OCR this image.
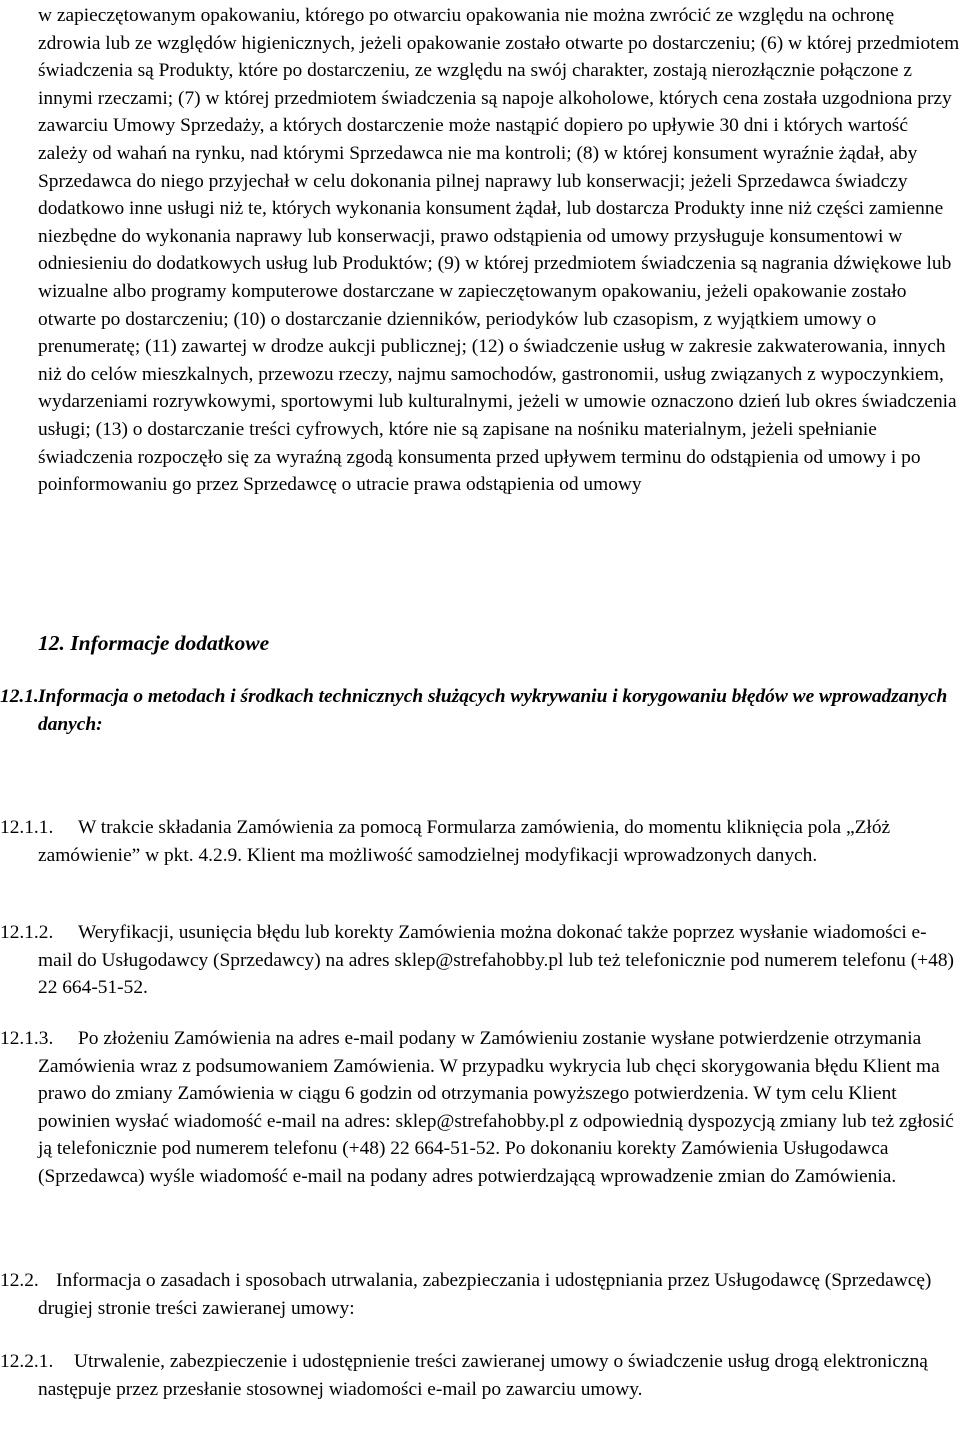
w zapieczętowanym opakowaniu, którego po otwarciu opakowania nie można zwrócić ze względu na ochronę zdrowia lub ze względów higienicznych, jeżeli opakowanie zostało otwarte po dostarczeniu; (6) w której przedmiotem świadczenia są Produkty, które po dostarczeniu, ze względu na swój charakter, zostają nierozłącznie połączone z innymi rzeczami; (7) w której przedmiotem świadczenia są napoje alkoholowe, których cena została uzgodniona przy zawarciu Umowy Sprzedaży, a których dostarczenie może nastąpić dopiero po upływie 30 dni i których wartość zależy od wahań na rynku, nad którymi Sprzedawca nie ma kontroli; (8) w której konsument wyraźnie żądał, aby Sprzedawca do niego przyjechał w celu dokonania pilnej naprawy lub konserwacji; jeżeli Sprzedawca świadczy dodatkowo inne usługi niż te, których wykonania konsument żądał, lub dostarcza Produkty inne niż części zamienne niezbędne do wykonania naprawy lub konserwacji, prawo odstąpienia od umowy przysługuje konsumentowi w odniesieniu do dodatkowych usług lub Produktów; (9) w której przedmiotem świadczenia są nagrania dźwiękowe lub wizualne albo programy komputerowe dostarczane w zapieczętowanym opakowaniu, jeżeli opakowanie zostało otwarte po dostarczeniu; (10) o dostarczanie dzienników, periodyków lub czasopism, z wyjątkiem umowy o prenumeratę; (11) zawartej w drodze aukcji publicznej; (12) o świadczenie usług w zakresie zakwaterowania, innych niż do celów mieszkalnych, przewozu rzeczy, najmu samochodów, gastronomii, usług związanych z wypoczynkiem, wydarzeniami rozrywkowymi, sportowymi lub kulturalnymi, jeżeli w umowie oznaczono dzień lub okres świadczenia usługi; (13) o dostarczanie treści cyfrowych, które nie są zapisane na nośniku materialnym, jeżeli spełnianie świadczenia rozpoczęło się za wyraźną zgodą konsumenta przed upływem terminu do odstąpienia od umowy i po poinformowaniu go przez Sprzedawcę o utracie prawa odstąpienia od umowy

12. Informacje dodatkowe
12.1. Informacja o metodach i środkach technicznych służących wykrywaniu i korygowaniu błędów we wprowadzanych danych:
12.1.1.	W trakcie składania Zamówienia za pomocą Formularza zamówienia, do momentu kliknięcia pola „Złóż zamówienie” w pkt. 4.2.9. Klient ma możliwość samodzielnej modyfikacji wprowadzonych danych.
12.1.2.	Weryfikacji, usunięcia błędu lub korekty Zamówienia można dokonać także poprzez wysłanie wiadomości e-mail do Usługodawcy (Sprzedawcy) na adres sklep@strefahobby.pl lub też telefonicznie pod numerem telefonu (+48) 22 664-51-52.
12.1.3.	Po złożeniu Zamówienia na adres e-mail podany w Zamówieniu zostanie wysłane potwierdzenie otrzymania Zamówienia wraz z podsumowaniem Zamówienia. W przypadku wykrycia lub chęci skorygowania błędu Klient ma prawo do zmiany Zamówienia w ciągu 6 godzin od otrzymania powyższego potwierdzenia. W tym celu Klient powinien wysłać wiadomość e-mail na adres: sklep@strefahobby.pl z odpowiednią dyspozycją zmiany lub też zgłosić ją telefonicznie pod numerem telefonu (+48) 22 664-51-52. Po dokonaniu korekty Zamówienia Usługodawca (Sprzedawca) wyśle wiadomość e-mail na podany adres potwierdzającą wprowadzenie zmian do Zamówienia.
12.2. Informacja o zasadach i sposobach utrwalania, zabezpieczania i udostępniania przez Usługodawcę (Sprzedawcę) drugiej stronie treści zawieranej umowy:
12.2.1.	Utrwalenie, zabezpieczenie i udostępnienie treści zawieranej umowy o świadczenie usług drogą elektroniczną następuje przez przesłanie stosownej wiadomości e-mail po zawarciu umowy.
